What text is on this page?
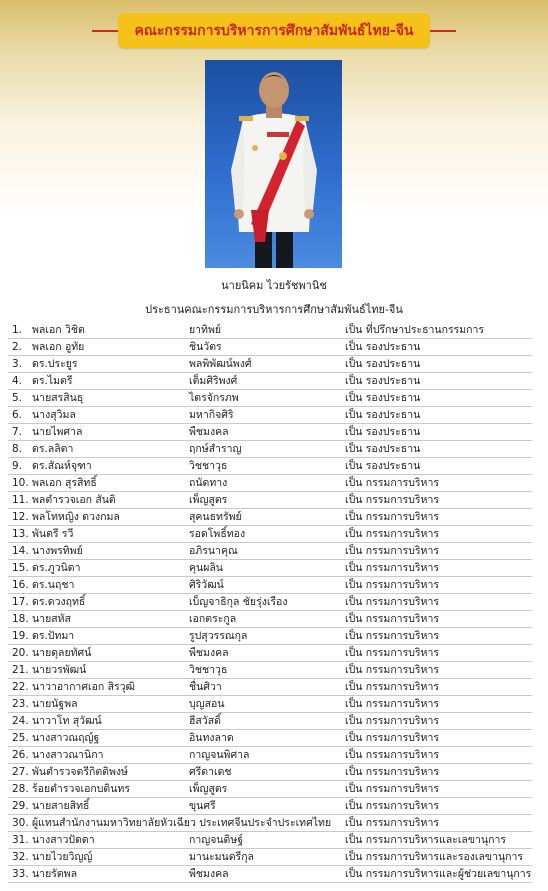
คณะกรรมการบริหารการศึกษาสัมพันธ์ไทย-จีน
นายนิคม ไวยรัชพานิช
ประธานคณะกรรมการบริหารการศึกษาสัมพันธ์ไทย-จีน
1. พลเอก วิชิต	ยาทิพย์	เป็น ที่ปรึกษาประธานกรรมการ
2. พลเอก อูทัย	ชินวัตร	เป็น รองประธาน
3. ดร.ประยูร	พลพิพัฒน์พงศ์	เป็น รองประธาน
4. ดร.ไมตรี	เต็มศิริพงศ์	เป็น รองประธาน
5. นายสรสินธุ	ไตรจักรภพ	เป็น รองประธาน
6. นางสุวิมล	มหากิจศิริ	เป็น รองประธาน
7. นายไพศาล	พืชมงคล	เป็น รองประธาน
8. ดร.ลลิตา	ฤกษ์สำราญ	เป็น รองประธาน
9. ดร.สัณห์จุฑา	วิชชาวุธ	เป็น รองประธาน
10. พลเอก สุรสิทธิ์	ถนัดทาง	เป็น กรรมการบริหาร
11. พลตำรวจเอก สันติ	เพ็ญสูตร	เป็น กรรมการบริหาร
12. พลโทหญิง ดวงกมล	สุคนธทรัพย์	เป็น กรรมการบริหาร
13. พันตรี รวี	รอดโพธิ์ทอง	เป็น กรรมการบริหาร
14. นางพรทิพย์	อภิรนาคุณ	เป็น กรรมการบริหาร
15. ดร.ภูวนิดา	คุนผลิน	เป็น กรรมการบริหาร
16. ดร.นฤชา	ศิริวัฒน์	เป็น กรรมการบริหาร
17. ดร.ดวงฤทธิ์	เบ็ญจาธิกุล ชัยรุ่งเรือง	เป็น กรรมการบริหาร
18. นายสหัส	เอกตระกูล	เป็น กรรมการบริหาร
19. ดร.ปัทมา	รูปสุวรรณกุล	เป็น กรรมการบริหาร
20. นายดุลยทัศน์	พืชมงคล	เป็น กรรมการบริหาร
21. นายวรพัฒน์	วิชชาวุธ	เป็น กรรมการบริหาร
22. นาวาอากาศเอก สิรวุฒิ	ชื่นศิวา	เป็น กรรมการบริหาร
23. นายนัฐพล	บุญสอน	เป็น กรรมการบริหาร
24. นาวาโท สุวัฒน์	ฮีสวัสดิ์	เป็น กรรมการบริหาร
25. นางสาวณฤญ์ฐ	อินทงลาด	เป็น กรรมการบริหาร
26. นางสาวณานิกา	กาญจนพิศาล	เป็น กรรมการบริหาร
27. พันตำรวจตรีกิตติพงษ์	ศรีดาเดช	เป็น กรรมการบริหาร
28. ร้อยตำรวจเอกบดินทร	เพ็ญสูตร	เป็น กรรมการบริหาร
29. นายสายสิทธิ์	ขุนศรี	เป็น กรรมการบริหาร
30. ผู้แทนสำนักงานมหาวิทยาลัยหัวเฉียว ประเทศจีนประจำประเทศไทย เป็น กรรมการบริหาร
31. นางสาวปัดดา	กาญจนดิษฐ์	เป็น กรรมการบริหารและเลขานุการ
32. นายไวยวิญญ์	มานะมนตรีกุล	เป็น กรรมการบริหารและรองเลขานุการ
33. นายรัตพล	พืชมงคล	เป็น กรรมการบริหารและผู้ช่วยเลขานุการ
